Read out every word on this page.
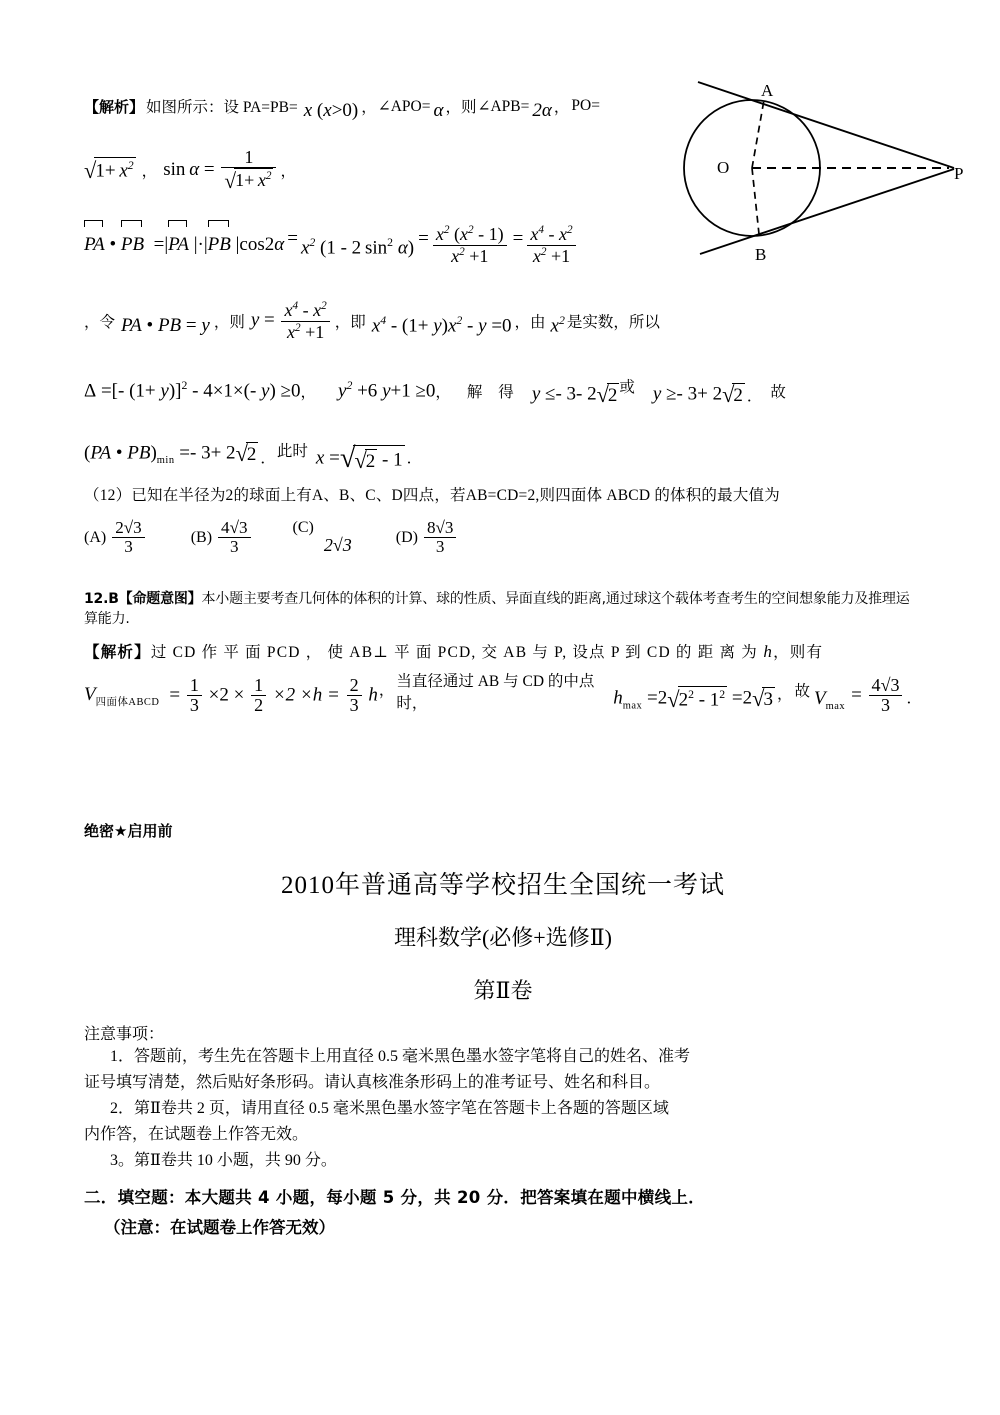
A
O
B
P
【解析】 如图所示：设 PA=PB= x (x>0) ， ∠APO= α ，则 ∠APB= 2α ， PO=
$√1+ x^2$ ， $\sin \alpha = \frac{1}{√1+ x^2}$ ，
PA •
PB  =|
PA |·|
PB $|\cos 2\alpha = x^2$ (1 - 2  $\sin^2 \alpha) = \frac{x^2 (x^2 - 1)}{x^2 +1} = \frac{x^4 - x^2}{x^2 +1}$
，令 PA • PB = y ，则 $y = \frac{x^4 - x^2}{x^2 +1}$ ，即 $x^4 - (1+ y)x^2 - y =0$ ，由 $x^2$ 是实数，所以
Δ =[- (1+ y)]$^2$ - 4×1×(- y) ≥0 ， $y^2 +6$ y+1 ≥0 ， 解 得 y ≤- 3- 2√2 或 y ≥- 3+ 2√2 ． 故
(PA • $PB)_{min} =- 3+ 2√2$ ． 此时 x =√√2 - 1 ．
（12）已知在半径为2的球面上有A、B、C、D四点，若AB=CD=2,则四面体 ABCD 的体积的最大值为
$(A) \frac{2√3}{3}$	$(B) \frac{4√3}{3}$	(C)
2√3	$(D) \frac{8√3}{3}$
12.B【命题意图】本小题主要考查几何体的体积的计算、球的性质、异面直线的距离,通过球这个载体考查考生的空间想象能力及推理运算能力.
【解析】过 CD 作 平 面 PCD ， 使 AB⊥ 平 面 PCD, 交 AB 与 P, 设点 P 到 CD 的 距 离 为 h，则有
$V_{四面体ABCD} = \frac{1}{3} \times 2 \times \frac{1}{2} \times 2 \times h = \frac{2}{3}$ h ，
当直径通过 AB 与 CD 的中点时，	$h_{max} =2√2^2 - 1^2 =2√3$ ， 故 $V_{max}$
= $\frac{4√3}{3}$ ．
绝密★启用前
2010年普通高等学校招生全国统一考试
理科数学(必修+选修Ⅱ)
第Ⅱ卷
注意事项：
1．答题前，考生先在答题卡上用直径 0.5 毫米黑色墨水签字笔将自己的姓名、准考
证号填写清楚，然后贴好条形码。请认真核准条形码上的准考证号、姓名和科目。
2．第Ⅱ卷共 2 页，请用直径 0.5 毫米黑色墨水签字笔在答题卡上各题的答题区域
内作答，在试题卷上作答无效。
3。第Ⅱ卷共 10 小题，共 90 分。
二．填空题：本大题共 4 小题，每小题 5 分，共 20 分．把答案填在题中横线上．
（注意：在试题卷上作答无效）
